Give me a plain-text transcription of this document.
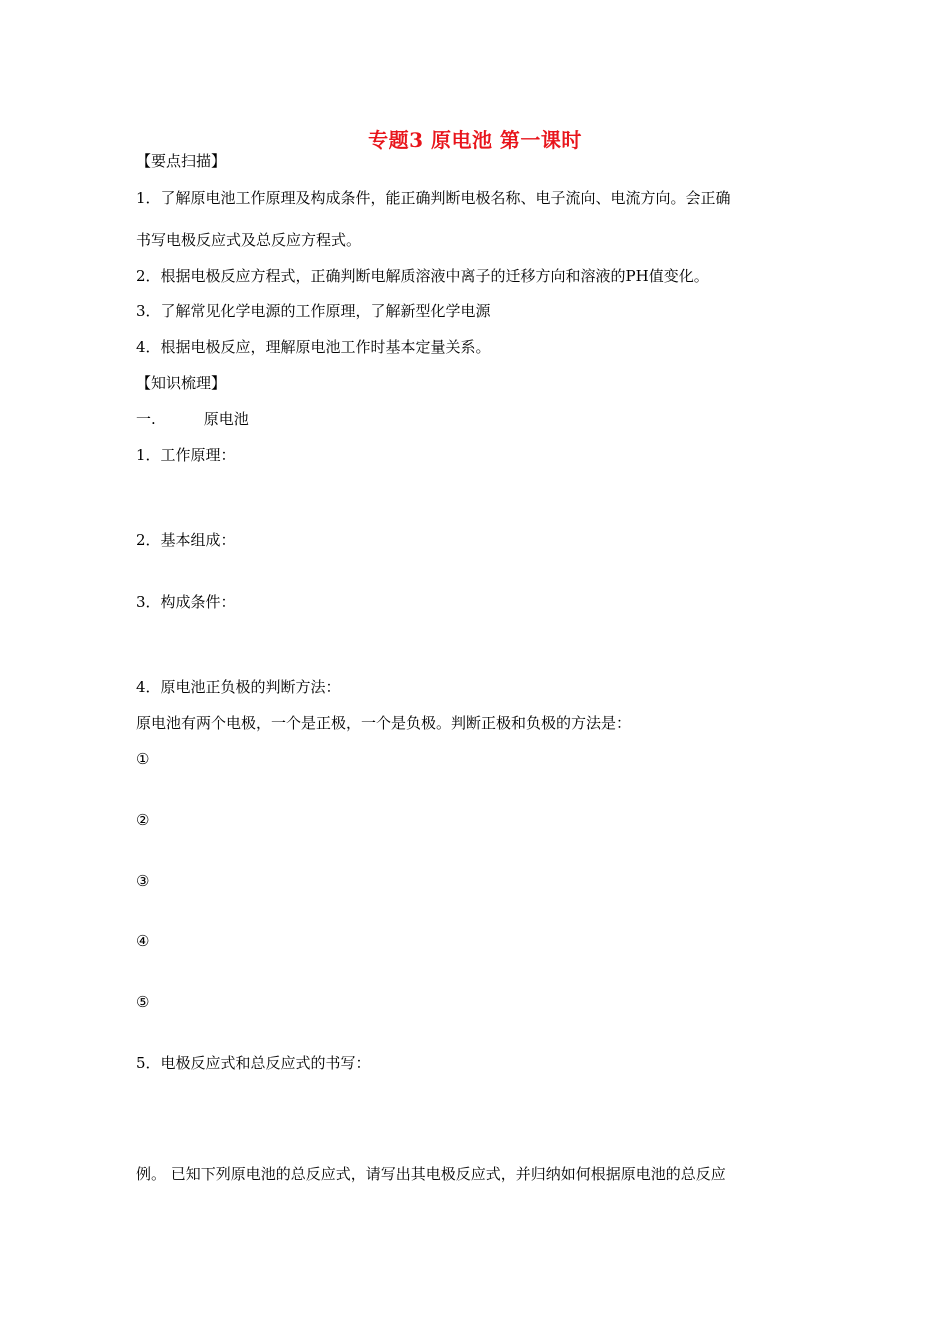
专题3 原电池 第一课时
【要点扫描】
1．了解原电池工作原理及构成条件，能正确判断电极名称、电子流向、电流方向。会正确
书写电极反应式及总反应方程式。
2．根据电极反应方程式，正确判断电解质溶液中离子的迁移方向和溶液的PH值变化。
3．了解常见化学电源的工作原理，了解新型化学电源
4．根据电极反应，理解原电池工作时基本定量关系。
【知识梳理】
一.	原电池
1．工作原理：
2．基本组成：
3．构成条件：
4．原电池正负极的判断方法：
原电池有两个电极，一个是正极，一个是负极。判断正极和负极的方法是：
①
②
③
④
⑤
5．电极反应式和总反应式的书写：
例。 已知下列原电池的总反应式，请写出其电极反应式，并归纳如何根据原电池的总反应
